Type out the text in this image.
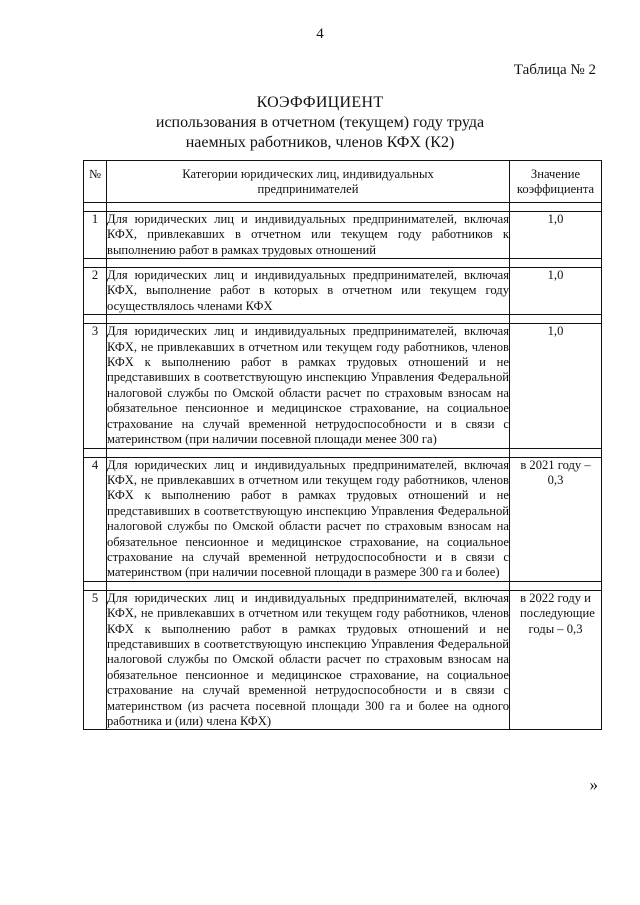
4
Таблица № 2
КОЭФФИЦИЕНТ
использования в отчетном (текущем) году труда
наемных работников, членов КФХ (К2)
№	Категории юридических лиц, индивидуальных предпринимателей	Значение коэффициента

1	Для юридических лиц и индивидуальных предпринимателей, включая КФХ, привлекавших в отчетном или текущем году работников к выполнению работ в рамках трудовых отношений	1,0

2	Для юридических лиц и индивидуальных предпринимателей, включая КФХ, выполнение работ в которых в отчетном или текущем году осуществлялось членами КФХ	1,0

3	Для юридических лиц и индивидуальных предпринимателей, включая КФХ, не привлекавших в отчетном или текущем году работников, членов КФХ к выполнению работ в рамках трудовых отношений и не представивших в соответствующую инспекцию Управления Федеральной налоговой службы по Омской области расчет по страховым взносам на обязательное пенсионное и медицинское страхование, на социальное страхование на случай временной нетрудоспособности и в связи с материнством (при наличии посевной площади менее 300 га)	1,0

4	Для юридических лиц и индивидуальных предпринимателей, включая КФХ, не привлекавших в отчетном или текущем году работников, членов КФХ к выполнению работ в рамках трудовых отношений и не представивших в соответствующую инспекцию Управления Федеральной налоговой службы по Омской области расчет по страховым взносам на обязательное пенсионное и медицинское страхование, на социальное страхование на случай временной нетрудоспособности и в связи с материнством (при наличии посевной площади в размере 300 га и более)	в 2021 году – 0,3

5	Для юридических лиц и индивидуальных предпринимателей, включая КФХ, не привлекавших в отчетном или текущем году работников, членов КФХ к выполнению работ в рамках трудовых отношений и не представивших в соответствующую инспекцию Управления Федеральной налоговой службы по Омской области расчет по страховым взносам на обязательное пенсионное и медицинское страхование, на социальное страхование на случай временной нетрудоспособности и в связи с материнством (из расчета посевной площади 300 га и более на одного работника и (или) члена КФХ)	в 2022 году и последующие годы – 0,3
»
